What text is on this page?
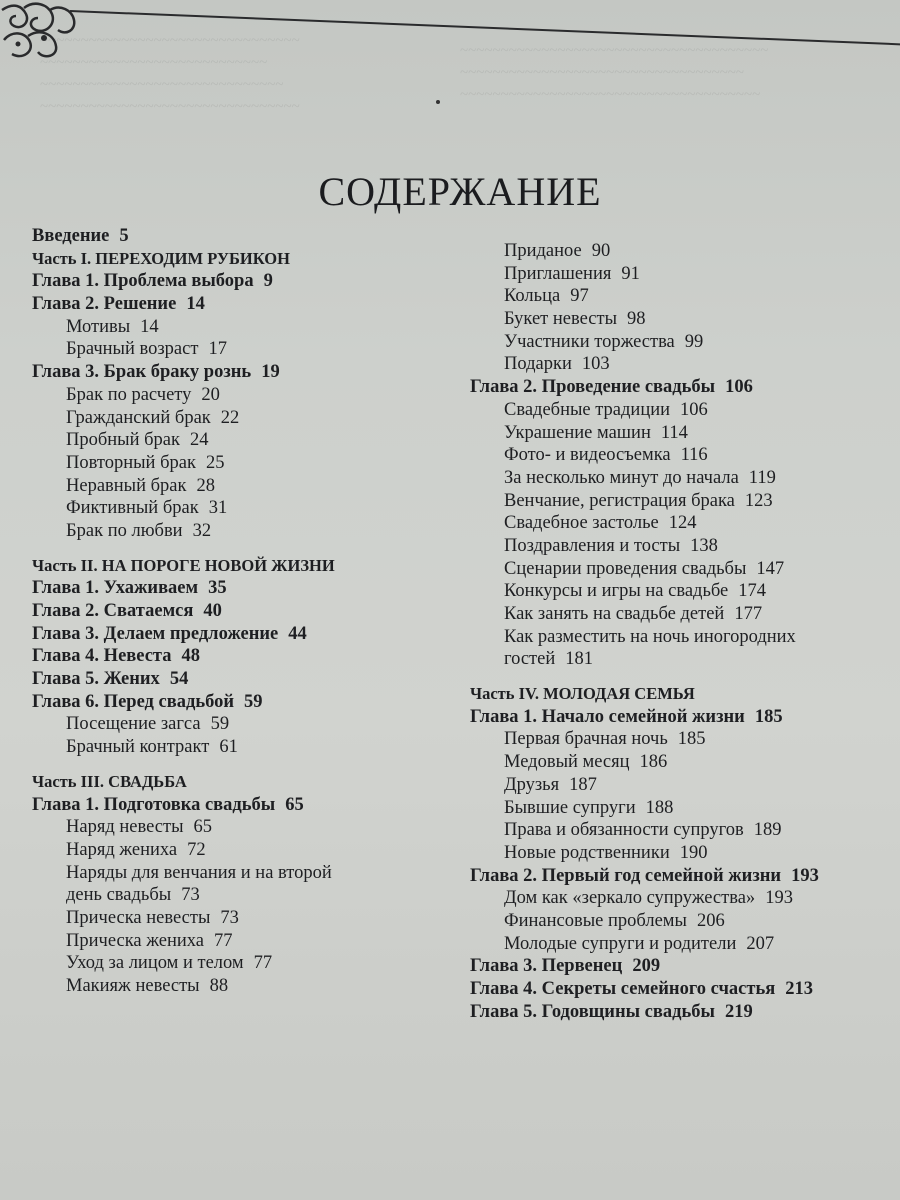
~~~~~~~~~~~~~~~~~~~~~~~~~~~~~~~~
~~~~~~~~~~~~~~~~~~~~~~~~~~~~
~~~~~~~~~~~~~~~~~~~~~~~~~~~~~~
~~~~~~~~~~~~~~~~~~~~~~~~~~~~~~~~
~~~~~~~~~~~~~~~~~~~~~~~~~~~~~~~~~~~~~~
~~~~~~~~~~~~~~~~~~~~~~~~~~~~~~~~~~~
~~~~~~~~~~~~~~~~~~~~~~~~~~~~~~~~~~~~~
СОДЕРЖАНИЕ
Введение 5
Часть I. ПЕРЕХОДИМ РУБИКОН
Глава 1. Проблема выбора 9
Глава 2. Решение 14
Мотивы 14
Брачный возраст 17
Глава 3. Брак браку рознь 19
Брак по расчету 20
Гражданский брак 22
Пробный брак 24
Повторный брак 25
Неравный брак 28
Фиктивный брак 31
Брак по любви 32
Часть II. НА ПОРОГЕ НОВОЙ ЖИЗНИ
Глава 1. Ухаживаем 35
Глава 2. Сватаемся 40
Глава 3. Делаем предложение 44
Глава 4. Невеста 48
Глава 5. Жених 54
Глава 6. Перед свадьбой 59
Посещение загса 59
Брачный контракт 61
Часть III. СВАДЬБА
Глава 1. Подготовка свадьбы 65
Наряд невесты 65
Наряд жениха 72
Наряды для венчания и на второй
день свадьбы 73
Прическа невесты 73
Прическа жениха 77
Уход за лицом и телом 77
Макияж невесты 88
Приданое 90
Приглашения 91
Кольца 97
Букет невесты 98
Участники торжества 99
Подарки 103
Глава 2. Проведение свадьбы 106
Свадебные традиции 106
Украшение машин 114
Фото- и видеосъемка 116
За несколько минут до начала 119
Венчание, регистрация брака 123
Свадебное застолье 124
Поздравления и тосты 138
Сценарии проведения свадьбы 147
Конкурсы и игры на свадьбе 174
Как занять на свадьбе детей 177
Как разместить на ночь иногородних
гостей 181
Часть IV. МОЛОДАЯ СЕМЬЯ
Глава 1. Начало семейной жизни 185
Первая брачная ночь 185
Медовый месяц 186
Друзья 187
Бывшие супруги 188
Права и обязанности супругов 189
Новые родственники 190
Глава 2. Первый год семейной жизни 193
Дом как «зеркало супружества» 193
Финансовые проблемы 206
Молодые супруги и родители 207
Глава 3. Первенец 209
Глава 4. Секреты семейного счастья 213
Глава 5. Годовщины свадьбы 219
